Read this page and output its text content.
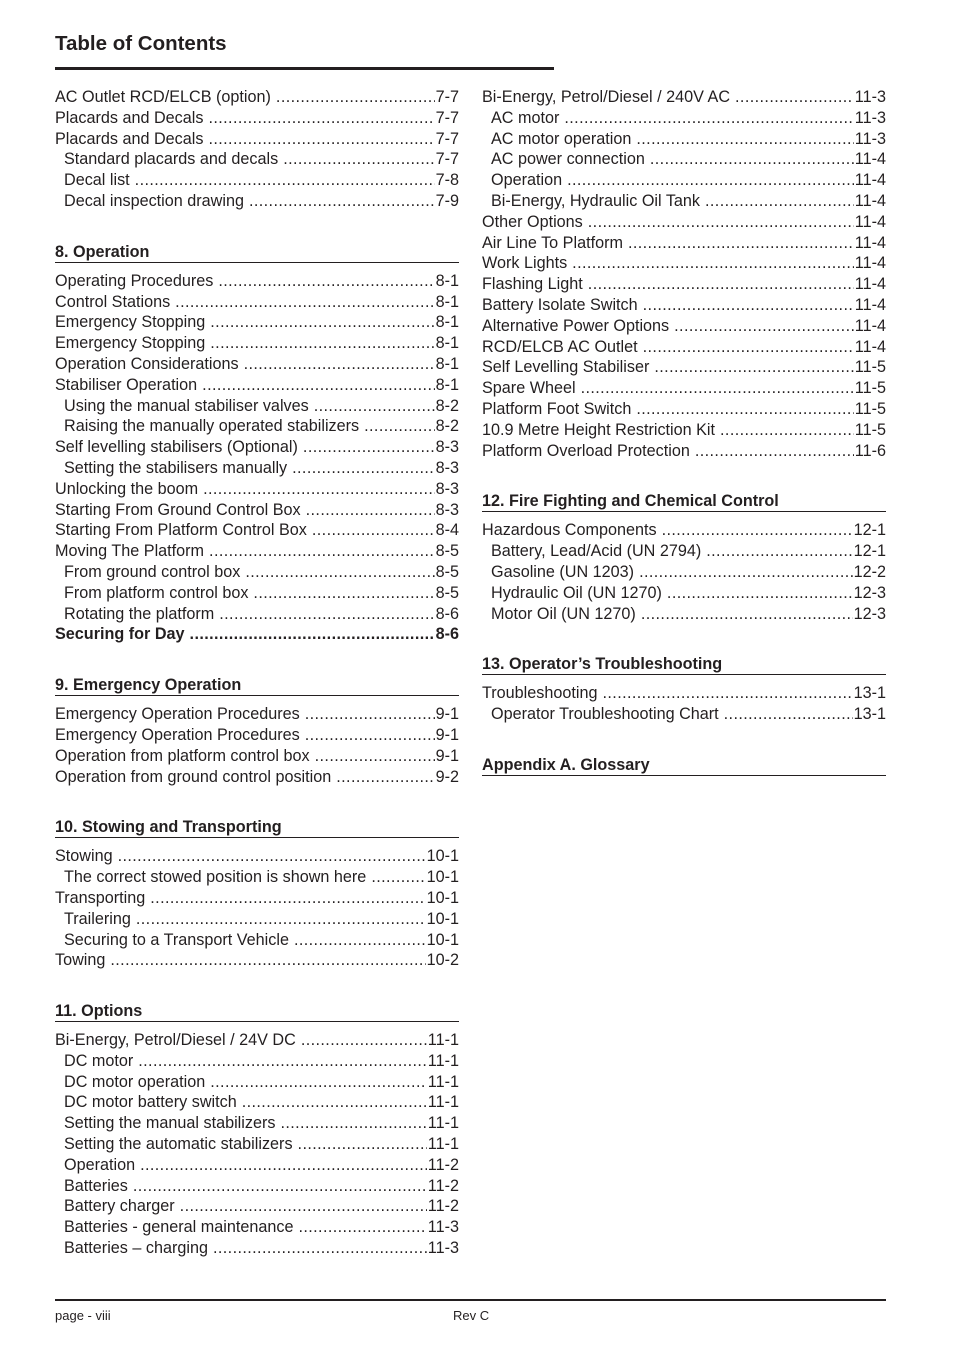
Table of Contents
AC Outlet RCD/ELCB (option) .....	7-7
Placards and Decals .....	7-7
Placards and Decals .....	7-7
Standard placards and decals .....	7-7
Decal list .....	7-8
Decal inspection drawing .....	7-9
8. Operation
Operating Procedures .....	8-1
Control Stations .....	8-1
Emergency Stopping .....	8-1
Emergency Stopping .....	8-1
Operation Considerations .....	8-1
Stabiliser Operation .....	8-1
Using the manual stabiliser valves .....	8-2
Raising the manually operated stabilizers .....	8-2
Self levelling stabilisers (Optional) .....	8-3
Setting the stabilisers manually .....	8-3
Unlocking the boom .....	8-3
Starting From Ground Control Box .....	8-3
Starting From Platform Control Box .....	8-4
Moving The Platform .....	8-5
From ground control box .....	8-5
From platform control box .....	8-5
Rotating the platform .....	8-6
Securing for Day .....	8-6
9. Emergency Operation
Emergency Operation Procedures .....	9-1
Emergency Operation Procedures .....	9-1
Operation from platform control box .....	9-1
Operation from ground control position .....	9-2
10. Stowing and Transporting
Stowing .....	10-1
The correct stowed position is shown here .....	10-1
Transporting .....	10-1
Trailering .....	10-1
Securing to a Transport Vehicle .....	10-1
Towing .....	10-2
11. Options
Bi-Energy, Petrol/Diesel / 24V DC .....	11-1
DC motor .....	11-1
DC motor operation .....	11-1
DC motor battery switch .....	11-1
Setting the manual stabilizers .....	11-1
Setting the automatic stabilizers .....	11-1
Operation .....	11-2
Batteries .....	11-2
Battery charger .....	11-2
Batteries - general maintenance .....	11-3
Batteries – charging .....	11-3
Bi-Energy, Petrol/Diesel / 240V AC .....	11-3
AC motor .....	11-3
AC motor operation .....	11-3
AC power connection .....	11-4
Operation .....	11-4
Bi-Energy, Hydraulic Oil Tank .....	11-4
Other Options .....	11-4
Air Line To Platform .....	11-4
Work Lights .....	11-4
Flashing Light .....	11-4
Battery Isolate Switch .....	11-4
Alternative Power Options .....	11-4
RCD/ELCB AC Outlet .....	11-4
Self Levelling Stabiliser .....	11-5
Spare Wheel .....	11-5
Platform Foot Switch .....	11-5
10.9 Metre Height Restriction Kit .....	11-5
Platform Overload Protection .....	11-6
12. Fire Fighting and Chemical Control
Hazardous Components .....	12-1
Battery, Lead/Acid (UN 2794) .....	12-1
Gasoline (UN 1203) .....	12-2
Hydraulic Oil (UN 1270) .....	12-3
Motor Oil (UN 1270) .....	12-3
13. Operator’s Troubleshooting
Troubleshooting .....	13-1
Operator Troubleshooting Chart .....	13-1
Appendix A. Glossary
page - viii	Rev C
